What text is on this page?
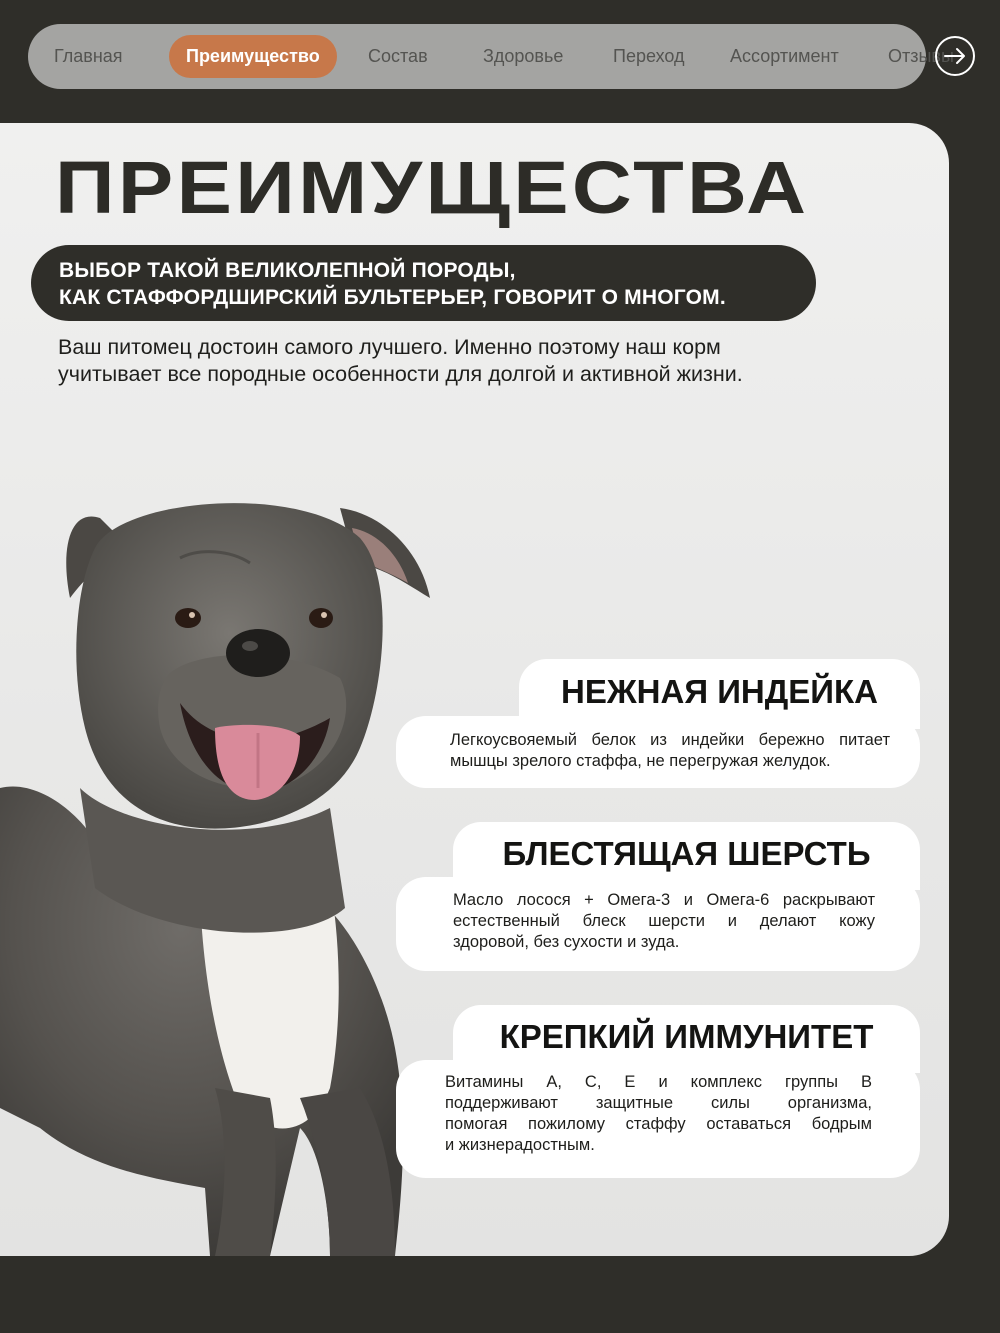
Главная	Преимущество	Состав	Здоровье	Переход	Ассортимент	Отзывы
ПРЕИМУЩЕСТВА
ВЫБОР ТАКОЙ ВЕЛИКОЛЕПНОЙ ПОРОДЫ,
КАК СТАФФОРДШИРСКИЙ БУЛЬТЕРЬЕР, ГОВОРИТ О МНОГОМ.

Ваш питомец достоин самого лучшего. Именно поэтому наш корм
учитывает все породные особенности для долгой и активной жизни.

НЕЖНАЯ ИНДЕЙКА
Легкоусвояемый белок из индейки бережно питает
мышцы зрелого стаффа, не перегружая желудок.
БЛЕСТЯЩАЯ ШЕРСТЬ
Масло лосося + Омега-3 и Омега-6 раскрывают
естественный блеск шерсти и делают кожу
здоровой, без сухости и зуда.
КРЕПКИЙ ИММУНИТЕТ
Витамины A, C, E и комплекс группы B
поддерживают защитные силы организма,
помогая пожилому стаффу оставаться бодрым
и жизнерадостным.
